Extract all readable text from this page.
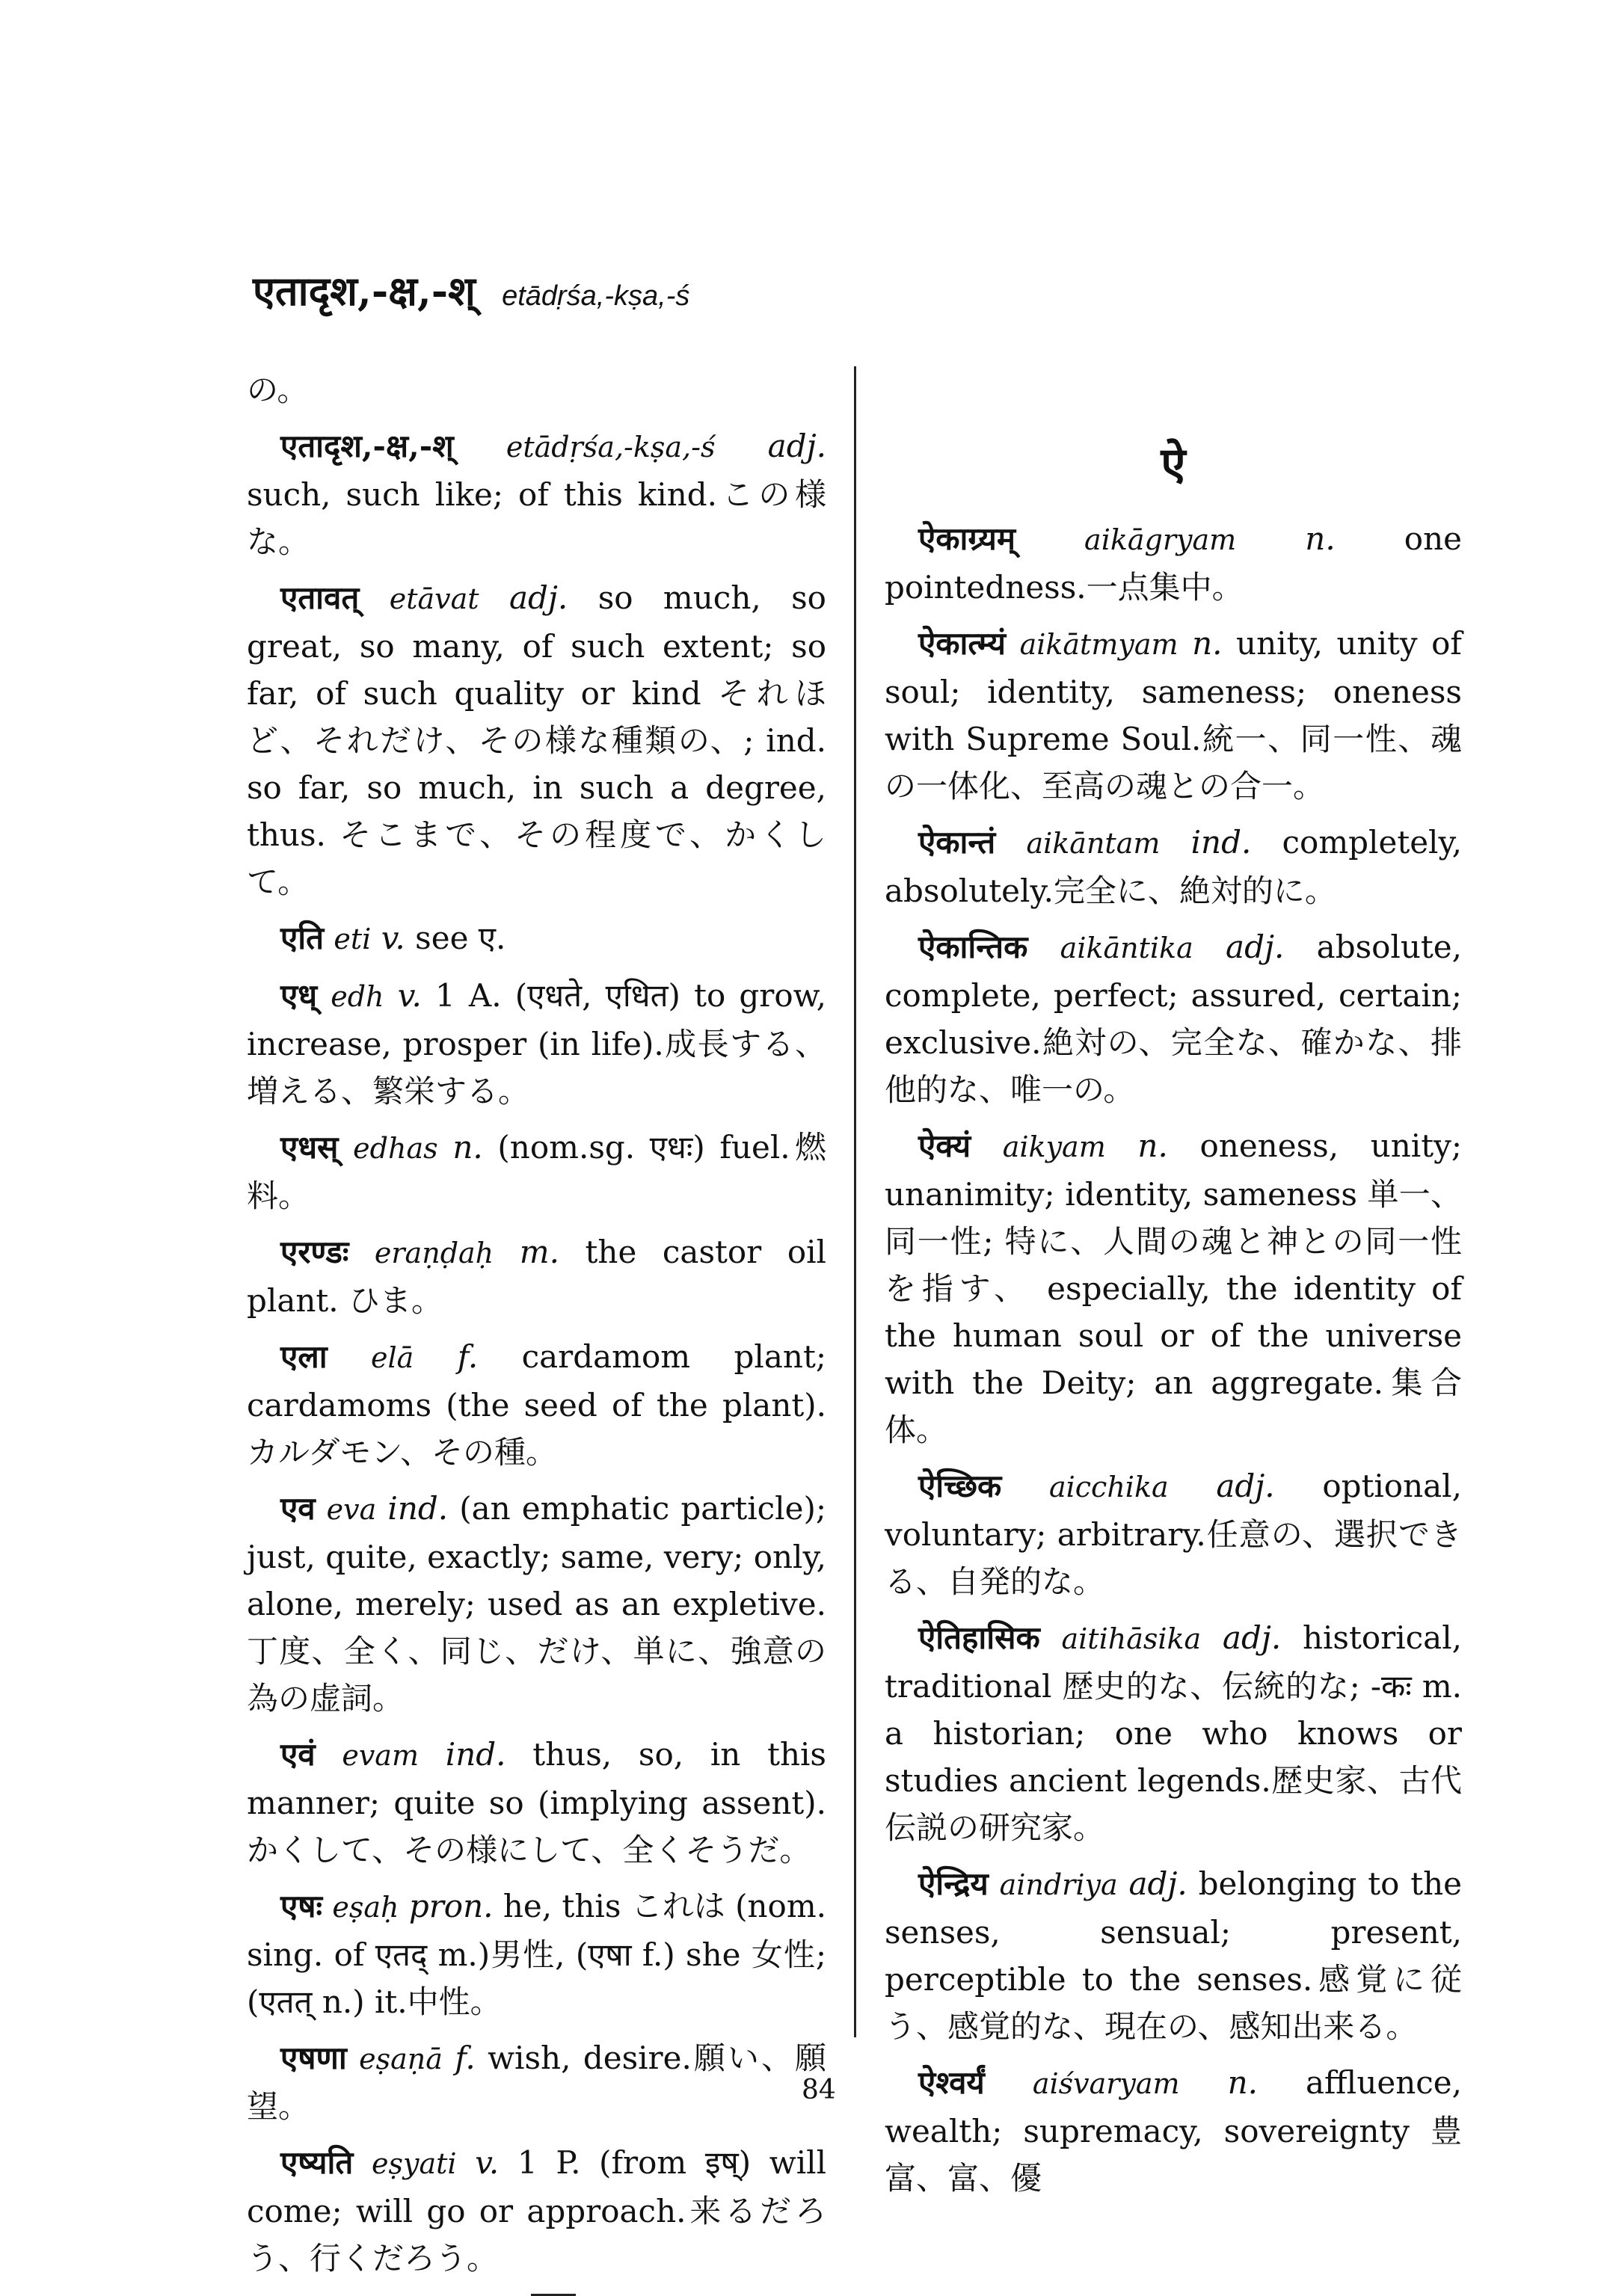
एतादृश,-क्ष,-श् etādṛśa,-kṣa,-ś

の。

एतादृश,-क्ष,-श् etādṛśa,-kṣa,-ś adj. such, such like; of this kind.この様な。

एतावत् etāvat adj. so much, so great, so many, of such extent; so far, of such quality or kind それほど、それだけ、その様な種類の、; ind. so far, so much, in such a degree, thus. そこまで、その程度で、かくして。

एति eti v. see ए.

एध् edh v. 1 A. (एधते, एधित) to grow, increase, prosper (in life).成長する、増える、繁栄する。

एधस् edhas n. (nom.sg. एधः) fuel.燃料。

एरण्डः eraṇḍaḥ m. the castor oil plant. ひま。

एला elā f. cardamom plant; cardamoms (the seed of the plant).カルダモン、その種。

एव eva ind. (an emphatic particle); just, quite, exactly; same, very; only, alone, merely; used as an expletive. 丁度、全く、同じ、だけ、単に、強意の為の虚詞。

एवं evam ind. thus, so, in this manner; quite so (implying assent). かくして、その様にして、全くそうだ。

एषः eṣaḥ pron. he, this これは (nom. sing. of एतद् m.)男性, (एषा f.) she 女性; (एतत् n.) it.中性。

एषणा eṣaṇā f. wish, desire.願い、願望。

एष्यति eṣyati v. 1 P. (from इष्) will come; will go or approach.来るだろう、行くだろう。

ऐ

ऐकाग्र्यम् aikāgryam n. one pointedness.一点集中。

ऐकात्म्यं aikātmyam n. unity, unity of soul; identity, sameness; oneness with Supreme Soul.統一、同一性、魂の一体化、至高の魂との合一。

ऐकान्तं aikāntam ind. completely, absolutely.完全に、絶対的に。

ऐकान्तिक aikāntika adj. absolute, complete, perfect; assured, certain; exclusive.絶対の、完全な、確かな、排他的な、唯一の。

ऐक्यं aikyam n. oneness, unity; unanimity; identity, sameness 単一、同一性; 特に、人間の魂と神との同一性を指す、 especially, the identity of the human soul or of the universe with the Deity; an aggregate.集合体。

ऐच्छिक aicchika adj. optional, voluntary; arbitrary.任意の、選択できる、自発的な。

ऐतिहासिक aitihāsika adj. historical, traditional 歴史的な、伝統的な; -कः m. a historian; one who knows or studies ancient legends.歴史家、古代伝説の研究家。

ऐन्द्रिय aindriya adj. belonging to the senses, sensual; present, perceptible to the senses.感覚に従う、感覚的な、現在の、感知出来る。

ऐश्वर्यं aiśvaryam n. affluence, wealth; supremacy, sovereignty 豊富、富、優

84
